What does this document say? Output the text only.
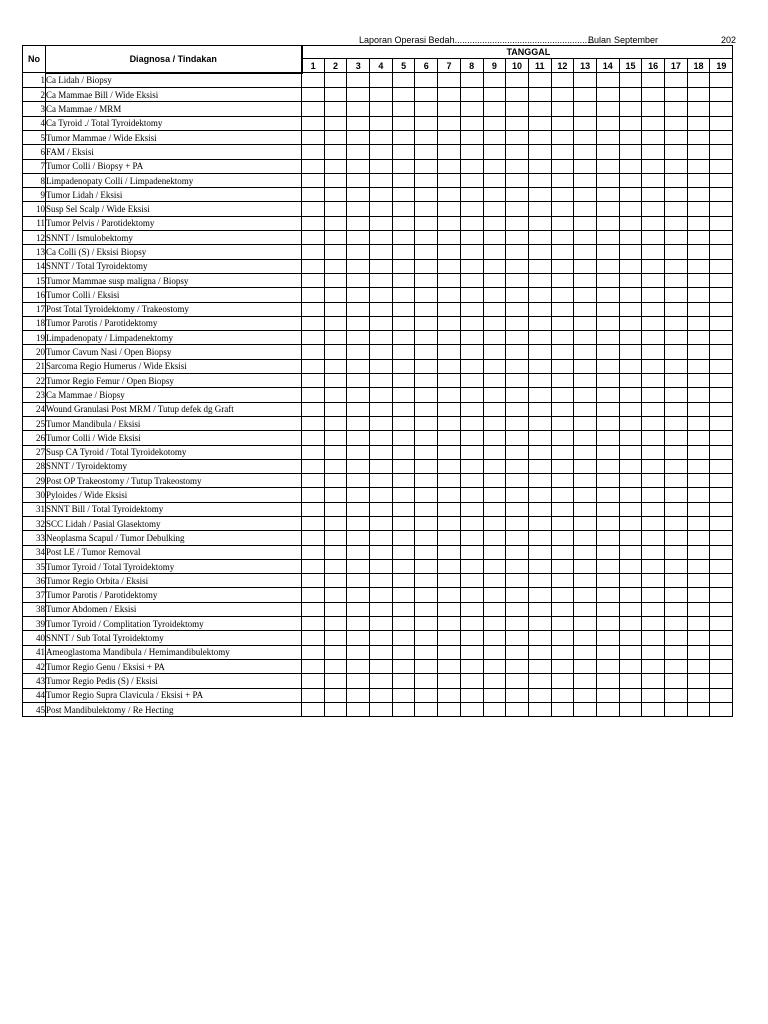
Laporan Operasi Bedah........................................................
Bulan September	202
No	Diagnosa / Tindakan	TANGGAL																		
		1	2	3	4	5	6	7	8	9	10	11	12	13	14	15	16	17	18	19
1	Ca Lidah / Biopsy																			
2	Ca Mammae Bill / Wide Eksisi																			
3	Ca Mammae / MRM																			
4	Ca Tyroid ./ Total Tyroidektomy																			
5	Tumor Mammae / Wide Eksisi																			
6	FAM / Eksisi																			
7	Tumor Colli / Biopsy + PA																			
8	Limpadenopaty Colli / Limpadenektomy																			
9	Tumor Lidah / Eksisi																			
10	Susp Sel Scalp / Wide Eksisi																			
11	Tumor Pelvis / Parotidektomy																			
12	SNNT / Ismulobektomy																			
13	Ca Colli (S) / Eksisi Biopsy																			
14	SNNT / Total Tyroidektomy																			
15	Tumor Mammae susp maligna / Biopsy																			
16	Tumor Colli / Eksisi																			
17	Post Total Tyroidektomy / Trakeostomy																			
18	Tumor Parotis / Parotidektomy																			
19	Limpadenopaty / Limpadenektomy																			
20	Tumor Cavum Nasi / Open Biopsy																			
21	Sarcoma Regio Humerus / Wide Eksisi																			
22	Tumor Regio Femur / Open Biopsy																			
23	Ca Mammae / Biopsy																			
24	Wound Granulasi Post MRM / Tutup defek dg Graft																			
25	Tumor Mandibula / Eksisi																			
26	Tumor Colli / Wide Eksisi																			
27	Susp CA Tyroid / Total Tyroidekotomy																			
28	SNNT / Tyroidektomy																			
29	Post OP Trakeostomy / Tutup Trakeostomy																			
30	Pyloides / Wide Eksisi																			
31	SNNT Bill / Total Tyroidektomy																			
32	SCC Lidah / Pasial Glasektomy																			
33	Neoplasma Scapul / Tumor Debulking																			
34	Post LE / Tumor Removal																			
35	Tumor Tyroid / Total Tyroidektomy																			
36	Tumor Regio Orbita / Eksisi																			
37	Tumor Parotis / Parotidektomy																			
38	Tumor Abdomen / Eksisi																			
39	Tumor Tyroid / Complitation Tyroidektomy																			
40	SNNT / Sub Total Tyroidektomy																			
41	Ameoglastoma Mandibula / Hemimandibulektomy																			
42	Tumor Regio Genu / Eksisi + PA																			
43	Tumor Regio Pedis (S) / Eksisi																			
44	Tumor Regio Supra Clavicula / Eksisi + PA																			
45	Post Mandibulektomy / Re Hecting																			
